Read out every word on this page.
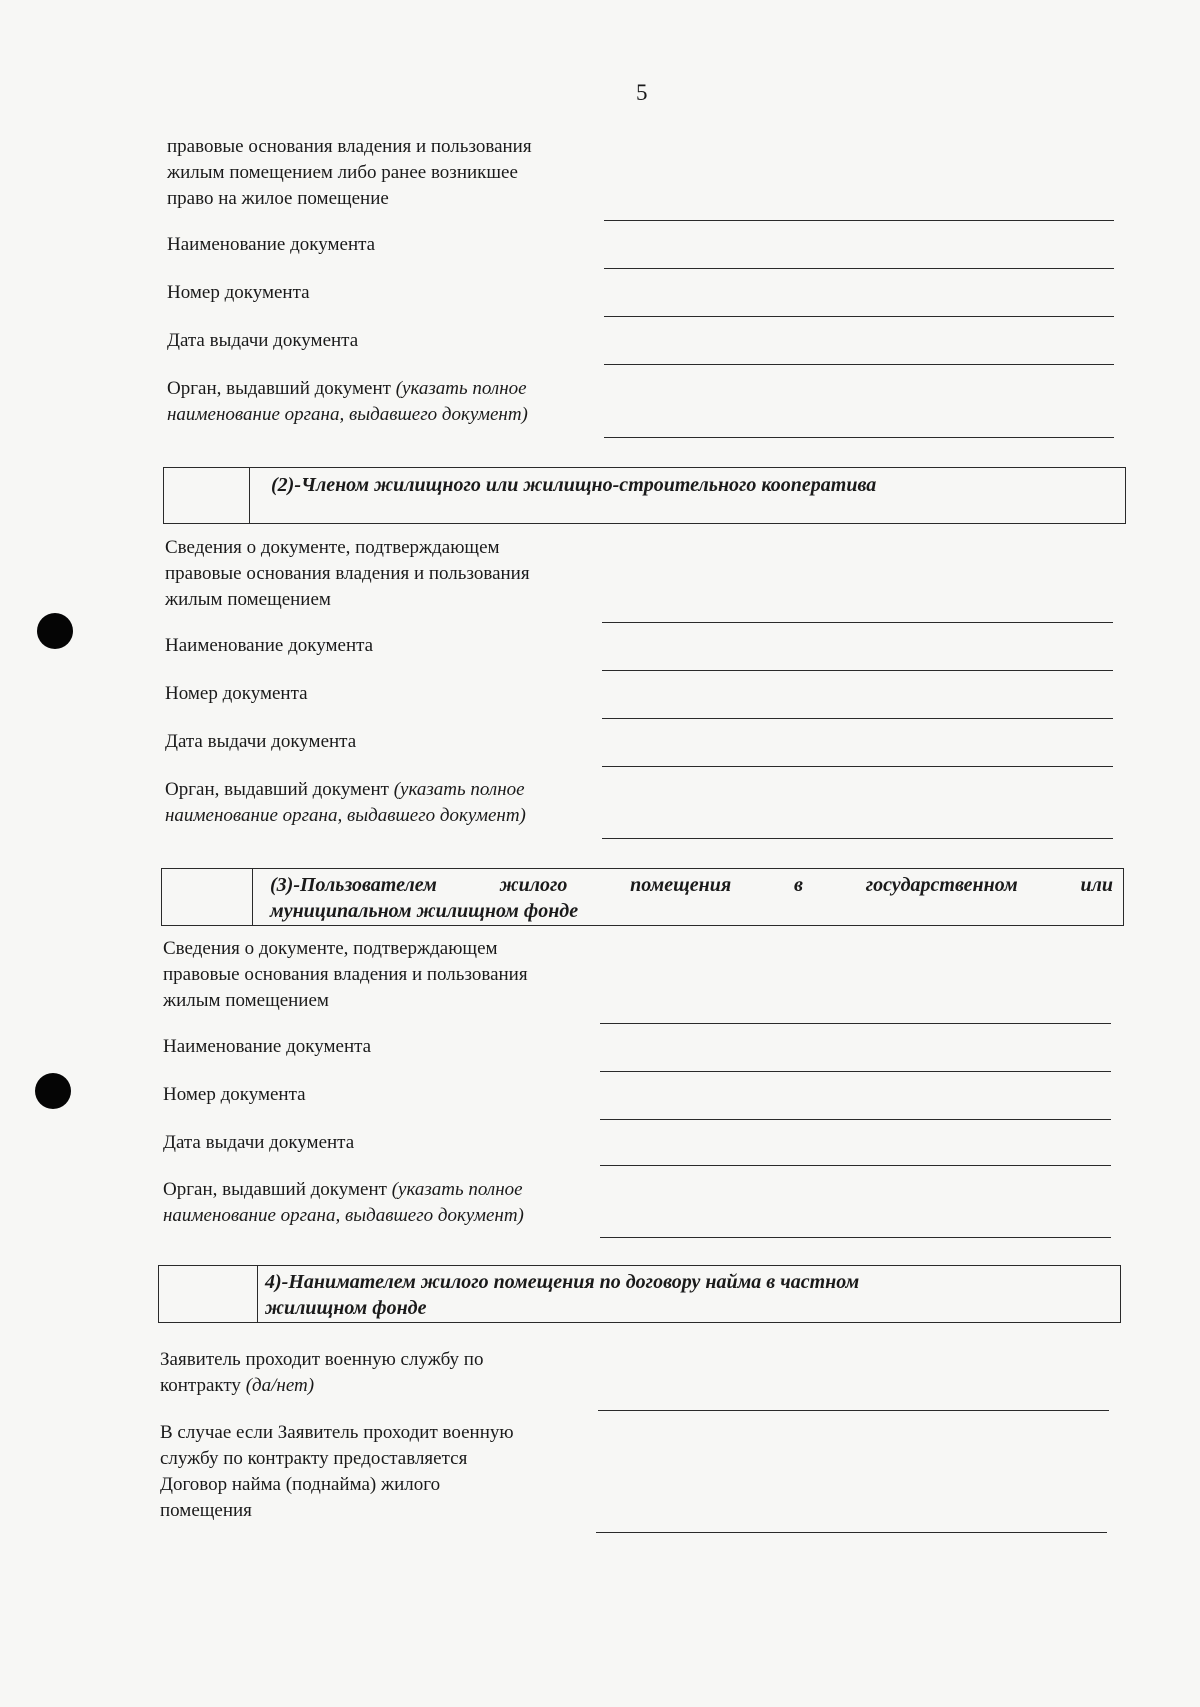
5
правовые основания владения и пользования
жилым помещением либо ранее возникшее
право на жилое помещение
Наименование документа
Номер документа
Дата выдачи документа
Орган, выдавший документ (указать полное
наименование органа, выдавшего документ)
(2)-Членом жилищного или жилищно-строительного кооператива
Сведения о документе, подтверждающем
правовые основания владения и пользования
жилым помещением
Наименование документа
Номер документа
Дата выдачи документа
Орган, выдавший документ (указать полное
наименование органа, выдавшего документ)
(3)-Пользователем жилого помещения в государственном или
муниципальном жилищном фонде
Сведения о документе, подтверждающем
правовые основания владения и пользования
жилым помещением
Наименование документа
Номер документа
Дата выдачи документа
Орган, выдавший документ (указать полное
наименование органа, выдавшего документ)
4)-Нанимателем жилого помещения по договору найма в частном
жилищном фонде
Заявитель проходит военную службу по
контракту (да/нет)
В случае если Заявитель проходит военную
службу по контракту предоставляется
Договор найма (поднайма) жилого
помещения
